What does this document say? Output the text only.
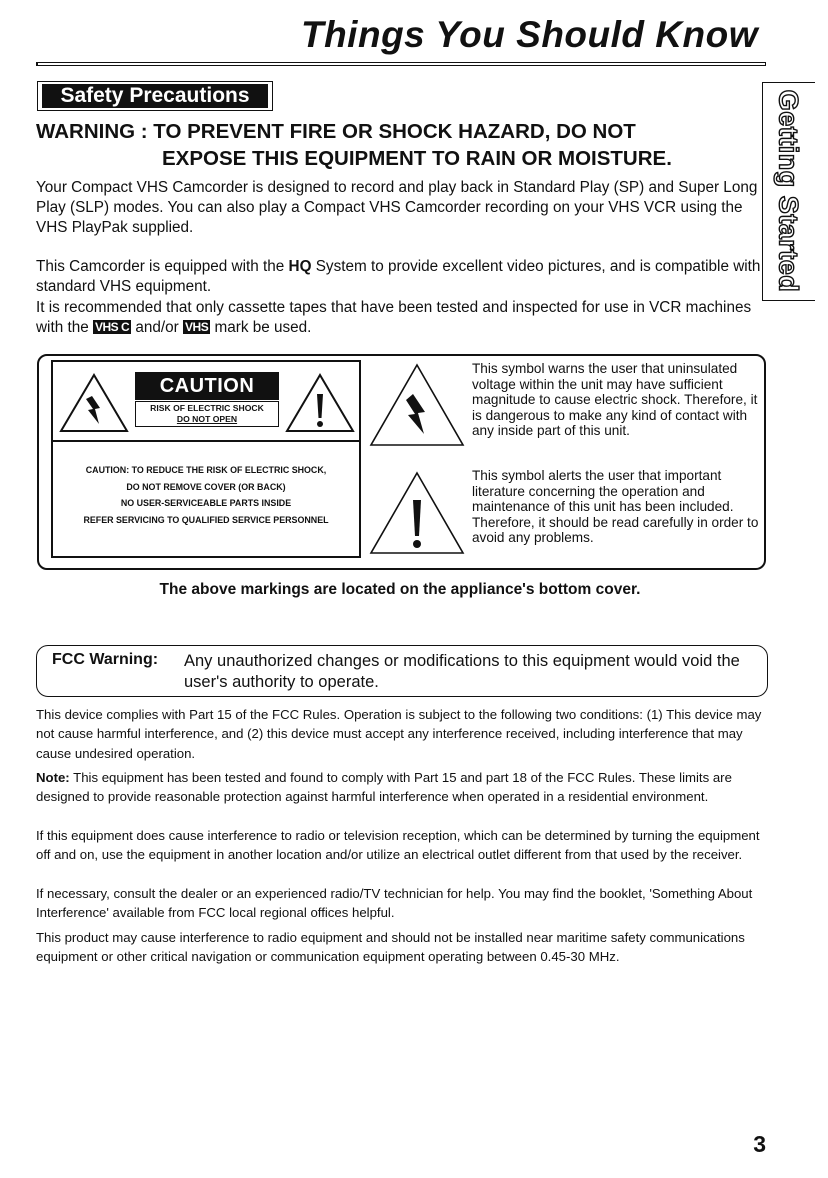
Things You Should Know
Safety Precautions	Getting Started
WARNING : TO PREVENT FIRE OR SHOCK HAZARD, DO NOT
EXPOSE THIS EQUIPMENT TO RAIN OR MOISTURE.
Your Compact VHS Camcorder is designed to record and play back in Standard Play (SP) and Super Long Play (SLP) modes. You can also play a Compact VHS Camcorder recording on your VHS VCR using the VHS PlayPak supplied.
This Camcorder is equipped with the HQ System to provide excellent video pictures, and is compatible with standard VHS equipment.
It is recommended that only cassette tapes that have been tested and inspected for use in VCR machines with the VHS C and/or VHS mark be used.
CAUTION
RISK OF ELECTRIC SHOCK
DO NOT OPEN
CAUTION: TO REDUCE THE RISK OF ELECTRIC SHOCK,
DO NOT REMOVE COVER (OR BACK)
NO USER-SERVICEABLE PARTS INSIDE
REFER SERVICING TO QUALIFIED SERVICE PERSONNEL
This symbol warns the user that uninsulated voltage within the unit may have sufficient magnitude to cause electric shock. Therefore, it is dangerous to make any kind of contact with any inside part of this unit.
This symbol alerts the user that important literature concerning the operation and maintenance of this unit has been included. Therefore, it should be read carefully in order to avoid any problems.
The above markings are located on the appliance's bottom cover.
FCC Warning: Any unauthorized changes or modifications to this equipment would void the user's authority to operate.
This device complies with Part 15 of the FCC Rules. Operation is subject to the following two conditions: (1) This device may not cause harmful interference, and (2) this device must accept any interference received, including interference that may cause undesired operation.
Note: This equipment has been tested and found to comply with Part 15 and part 18 of the FCC Rules. These limits are designed to provide reasonable protection against harmful interference when operated in a residential environment.
If this equipment does cause interference to radio or television reception, which can be determined by turning the equipment off and on, use the equipment in another location and/or utilize an electrical outlet different from that used by the receiver.
If necessary, consult the dealer or an experienced radio/TV technician for help. You may find the booklet, 'Something About Interference' available from FCC local regional offices helpful.
This product may cause interference to radio equipment and should not be installed near maritime safety communications equipment or other critical navigation or communication equipment operating between 0.45-30 MHz.
3
